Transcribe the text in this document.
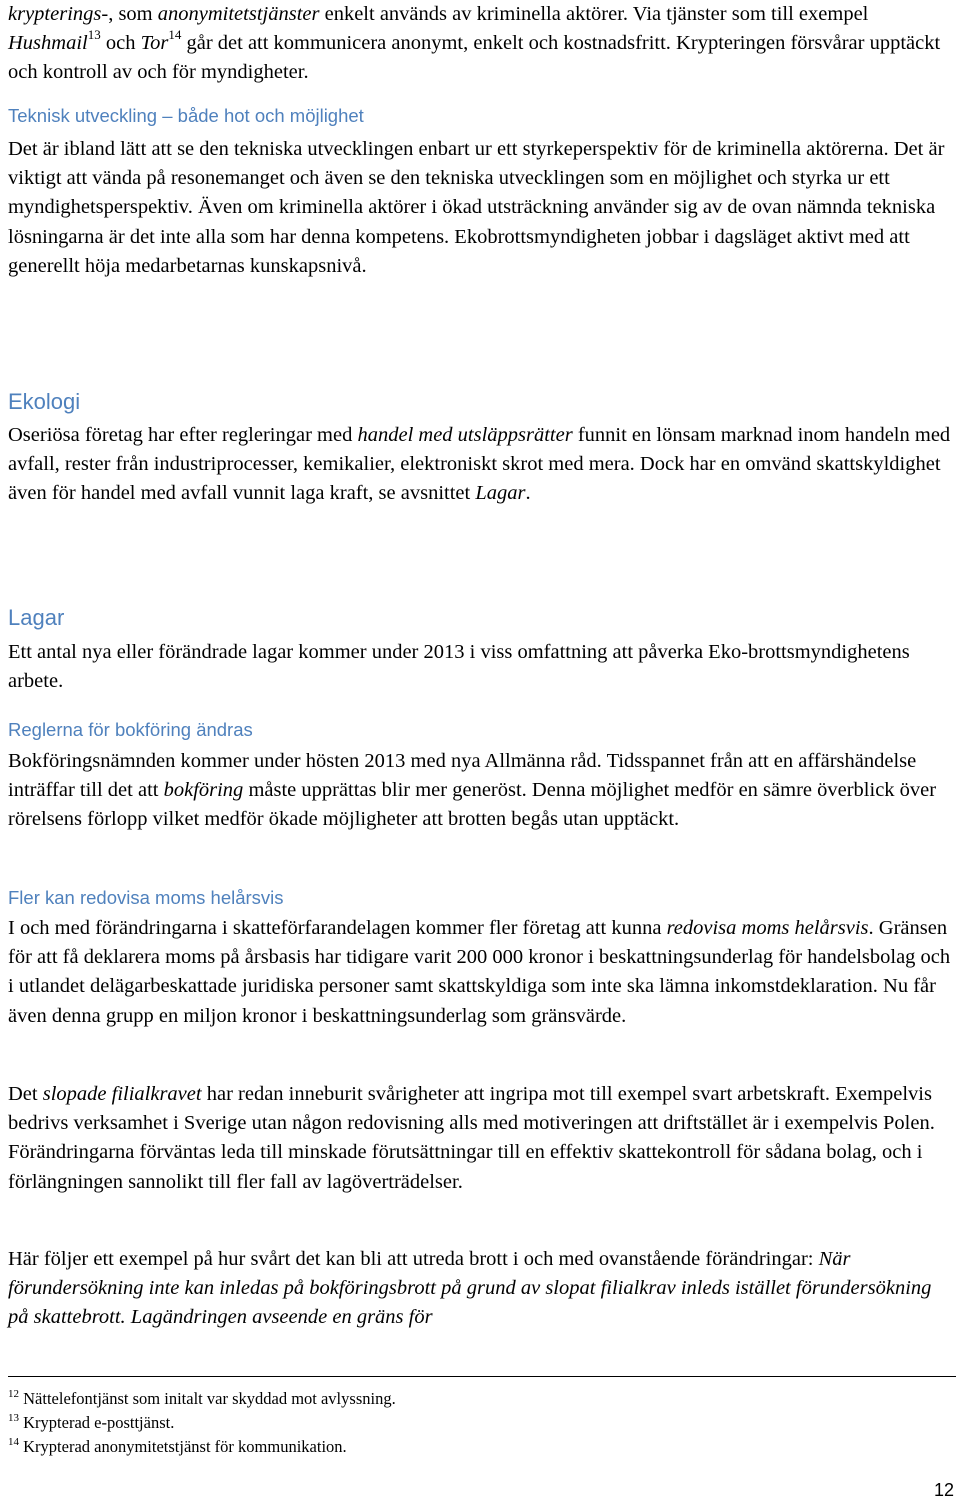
krypterings-, som anonymitetstjänster enkelt används av kriminella aktörer. Via tjänster som till exempel Hushmail$^{13}$ och Tor$^{14}$ går det att kommunicera anonymt, enkelt och kostnadsfritt. Krypteringen försvårar upptäckt och kontroll av och för myndigheter.

Teknisk utveckling – både hot och möjlighet

Det är ibland lätt att se den tekniska utvecklingen enbart ur ett styrkeperspektiv för de kriminella aktörerna. Det är viktigt att vända på resonemanget och även se den tekniska utvecklingen som en möjlighet och styrka ur ett myndighetsperspektiv. Även om kriminella aktörer i ökad utsträckning använder sig av de ovan nämnda tekniska lösningarna är det inte alla som har denna kompetens. Ekobrottsmyndigheten jobbar i dagsläget aktivt med att generellt höja medarbetarnas kunskapsnivå.

Ekologi

Oseriösa företag har efter regleringar med handel med utsläppsrätter funnit en lönsam marknad inom handeln med avfall, rester från industriprocesser, kemikalier, elektroniskt skrot med mera. Dock har en omvänd skattskyldighet även för handel med avfall vunnit laga kraft, se avsnittet Lagar.

Lagar

Ett antal nya eller förändrade lagar kommer under 2013 i viss omfattning att påverka Eko-brottsmyndighetens arbete.

Reglerna för bokföring ändras

Bokföringsnämnden kommer under hösten 2013 med nya Allmänna råd. Tidsspannet från att en affärshändelse inträffar till det att bokföring måste upprättas blir mer generöst. Denna möjlighet medför en sämre överblick över rörelsens förlopp vilket medför ökade möjligheter att brotten begås utan upptäckt.

Fler kan redovisa moms helårsvis

I och med förändringarna i skatteförfarandelagen kommer fler företag att kunna redovisa moms helårsvis. Gränsen för att få deklarera moms på årsbasis har tidigare varit 200 000 kronor i beskattningsunderlag för handelsbolag och i utlandet delägarbeskattade juridiska personer samt skattskyldiga som inte ska lämna inkomstdeklaration. Nu får även denna grupp en miljon kronor i beskattningsunderlag som gränsvärde.

Det slopade filialkravet har redan inneburit svårigheter att ingripa mot till exempel svart arbetskraft. Exempelvis bedrivs verksamhet i Sverige utan någon redovisning alls med motiveringen att driftstället är i exempelvis Polen. Förändringarna förväntas leda till minskade förutsättningar till en effektiv skattekontroll för sådana bolag, och i förlängningen sannolikt till fler fall av lagöverträdelser.

Här följer ett exempel på hur svårt det kan bli att utreda brott i och med ovanstående förändringar: När förundersökning inte kan inledas på bokföringsbrott på grund av slopat filialkrav inleds istället förundersökning på skattebrott. Lagändringen avseende en gräns för

$^{12}$ Nättelefontjänst som initalt var skyddad mot avlyssning.
$^{13}$ Krypterad e-posttjänst.
$^{14}$ Krypterad anonymitetstjänst för kommunikation.
12
